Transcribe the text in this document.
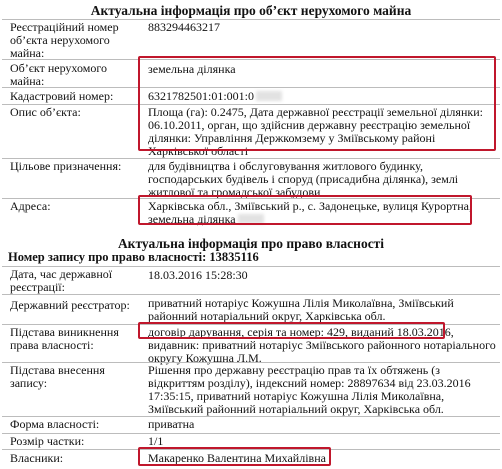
Актуальна інформація про об’єкт нерухомого майна
Реєстраційний номер об’єкта нерухомого майна:
883294463217
Об’єкт нерухомого майна:
земельна ділянка
Кадастровий номер:	6321782501:01:001:0
Опис об’єкта:	Площа (га): 0.2475, Дата державної реєстрації земельної ділянки: 06.10.2011, орган, що здійснив державну реєстрацію земельної ділянки: Управління Держкомзему у Зміївському районі Харківської області
Цільове призначення:	для будівництва і обслуговування житлового будинку, господарських будівель і споруд (присадибна ділянка), землі житлової та громадської забудови
Адреса:	Харківська обл., Зміївський р., с. Задонецьке, вулиця Курортна, земельна ділянка
Актуальна інформація про право власності
Номер запису про право власності: 13835116
Дата, час державної реєстрації:
18.03.2016 15:28:30
Державний реєстратор:	приватний нотаріус Кожушна Лілія Миколаївна, Зміївський районний нотаріальний округ, Харківська обл.
Підстава виникнення права власності:
договір дарування, серія та номер: 429, виданий 18.03.2016,
видавник: приватний нотаріус Зміївського районного нотаріального округу Кожушна Л.М.
Підстава внесення запису:
Рішення про державну реєстрацію прав та їх обтяжень (з відкриттям розділу), індексний номер: 28897634 від 23.03.2016 17:35:15, приватний нотаріус Кожушна Лілія Миколаївна, Зміївський районний нотаріальний округ, Харківська обл.
Форма власності:	приватна
Розмір частки:	1/1
Власники:	Макаренко Валентина Михайлівна
